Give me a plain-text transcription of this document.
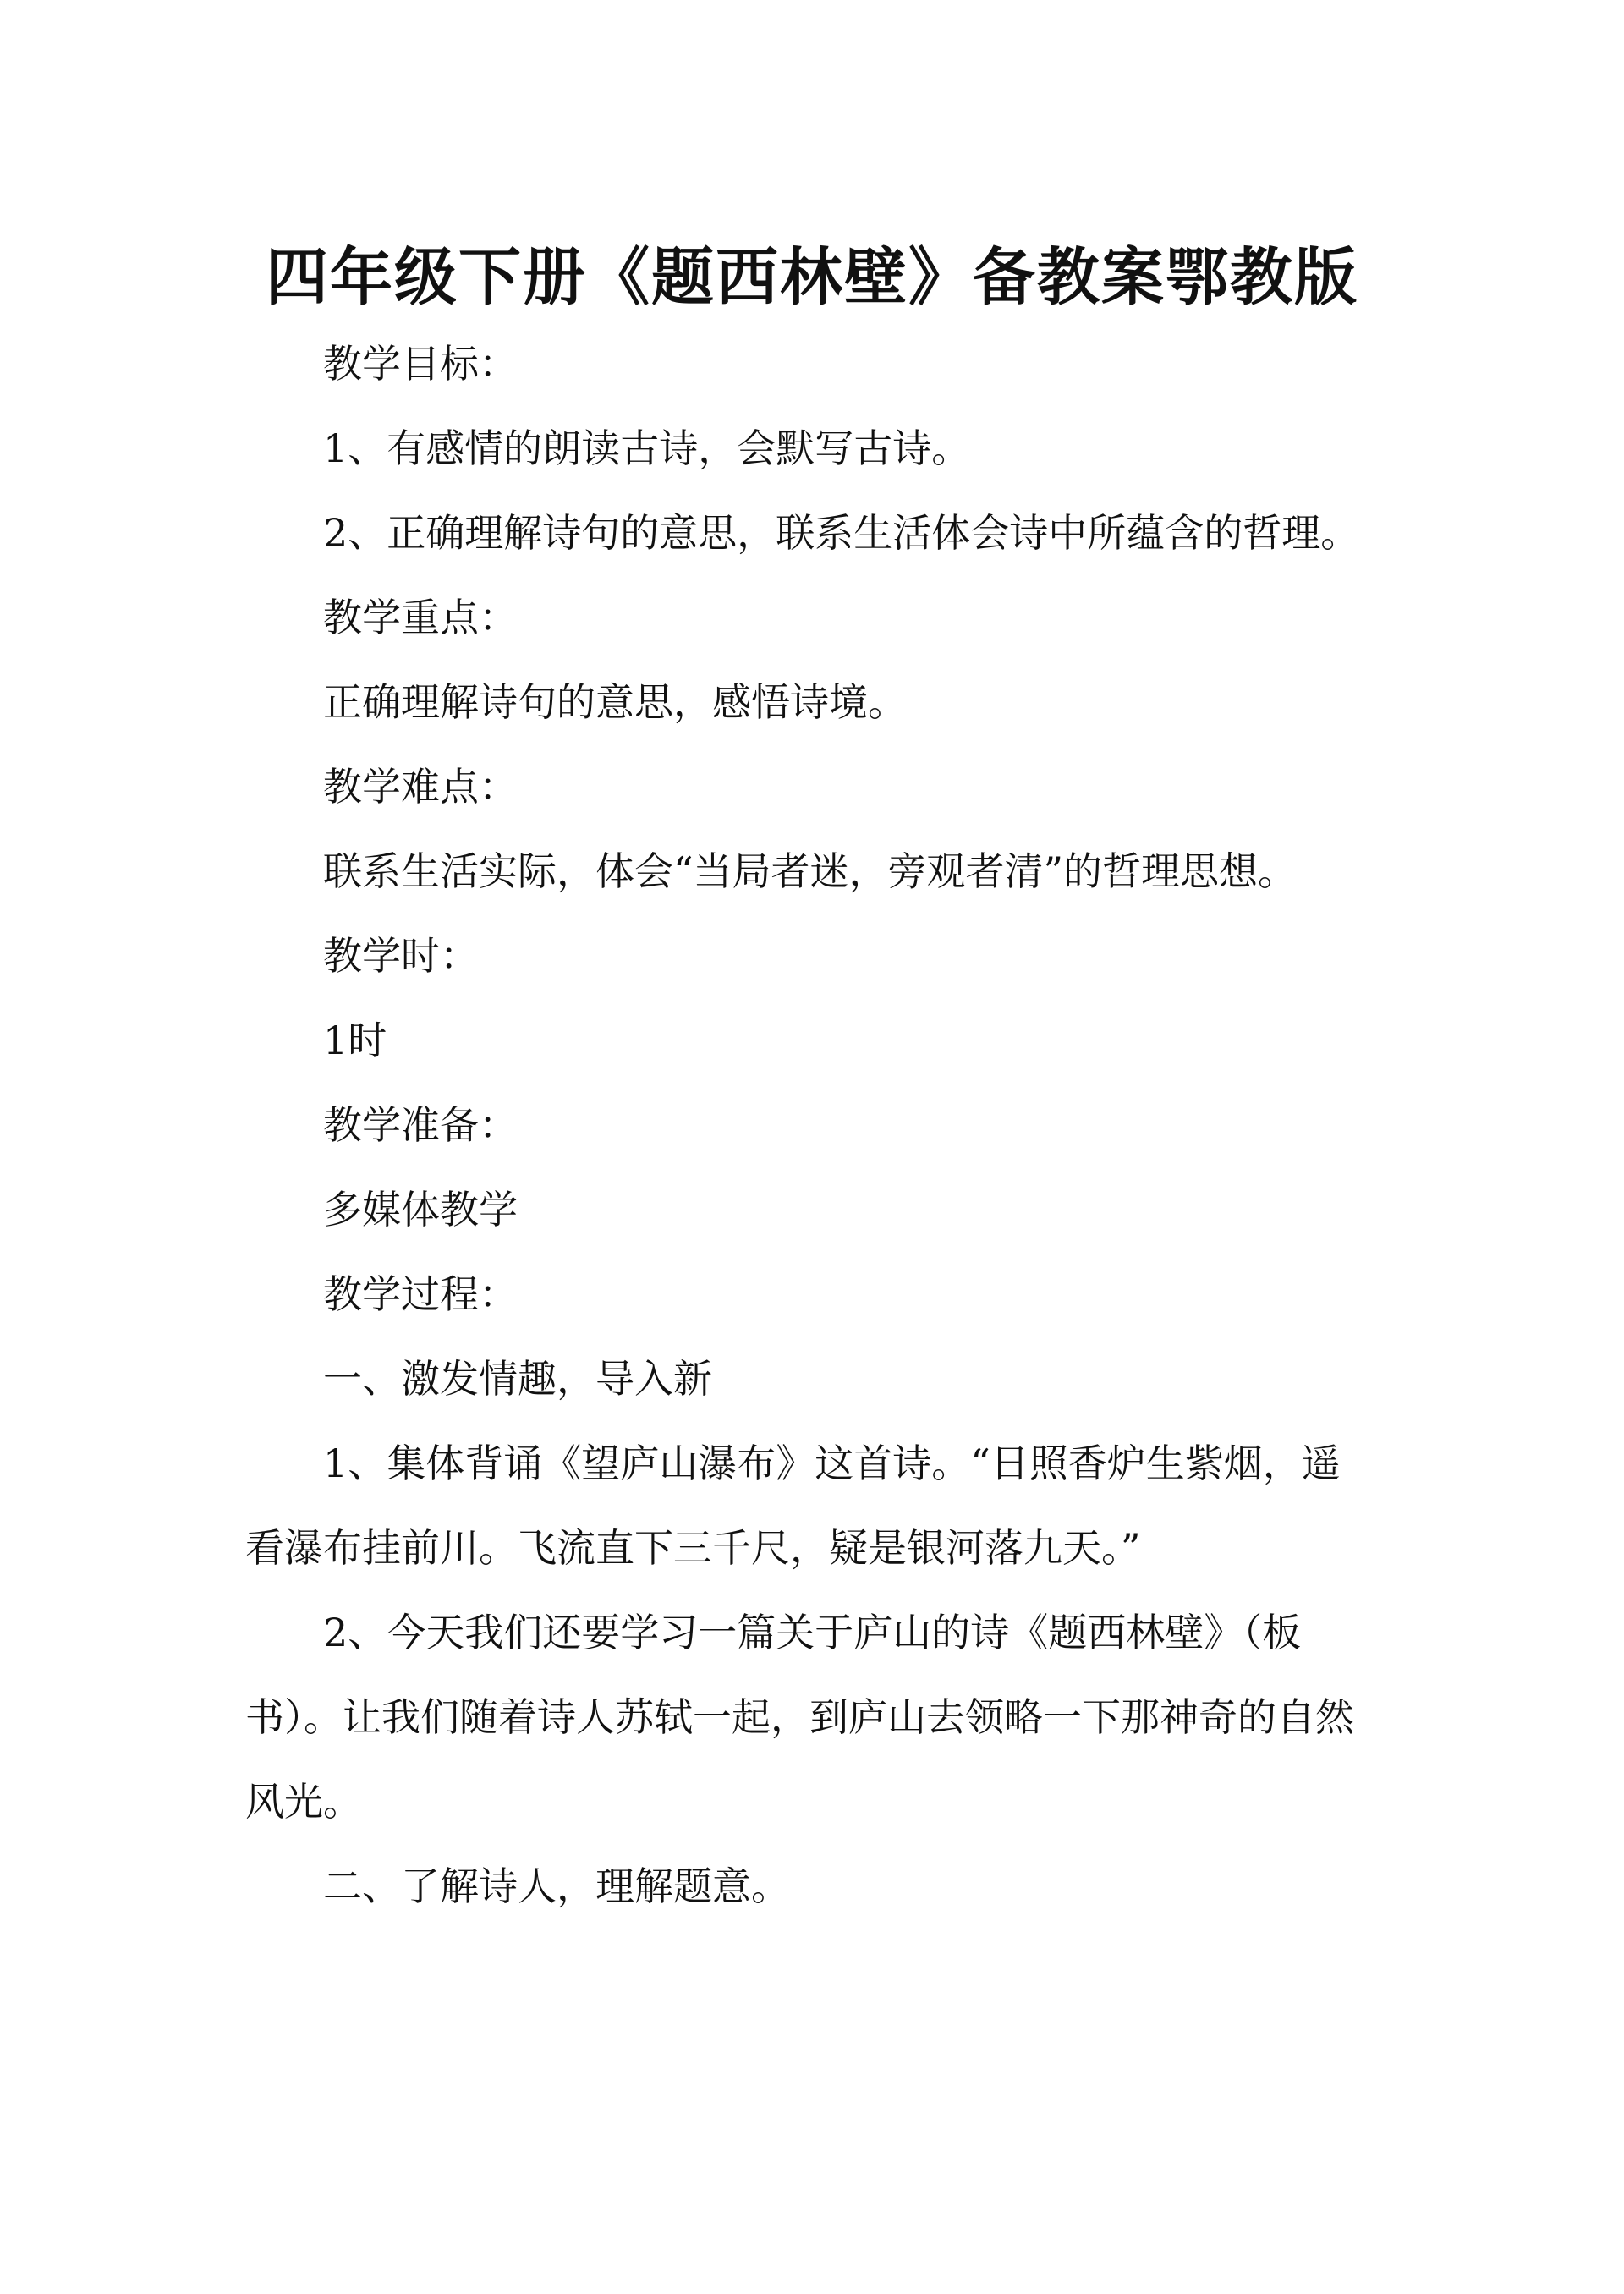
四年级下册《题西林壁》备教案鄂教版

教学目标：

1、有感情的朗读古诗，会默写古诗。

2、正确理解诗句的意思，联系生活体会诗中所蕴含的哲理。

教学重点：

正确理解诗句的意思，感悟诗境。

教学难点：

联系生活实际，体会“当局者迷，旁观者清”的哲理思想。

教学时：

1时

教学准备：

多媒体教学

教学过程：

一、激发情趣，导入新

1、集体背诵《望庐山瀑布》这首诗。“日照香炉生紫烟，遥看瀑布挂前川。飞流直下三千尺，疑是银河落九天。”

2、今天我们还要学习一篇关于庐山的诗《题西林壁》（板书）。让我们随着诗人苏轼一起，到庐山去领略一下那神奇的自然风光。

二、了解诗人，理解题意。
